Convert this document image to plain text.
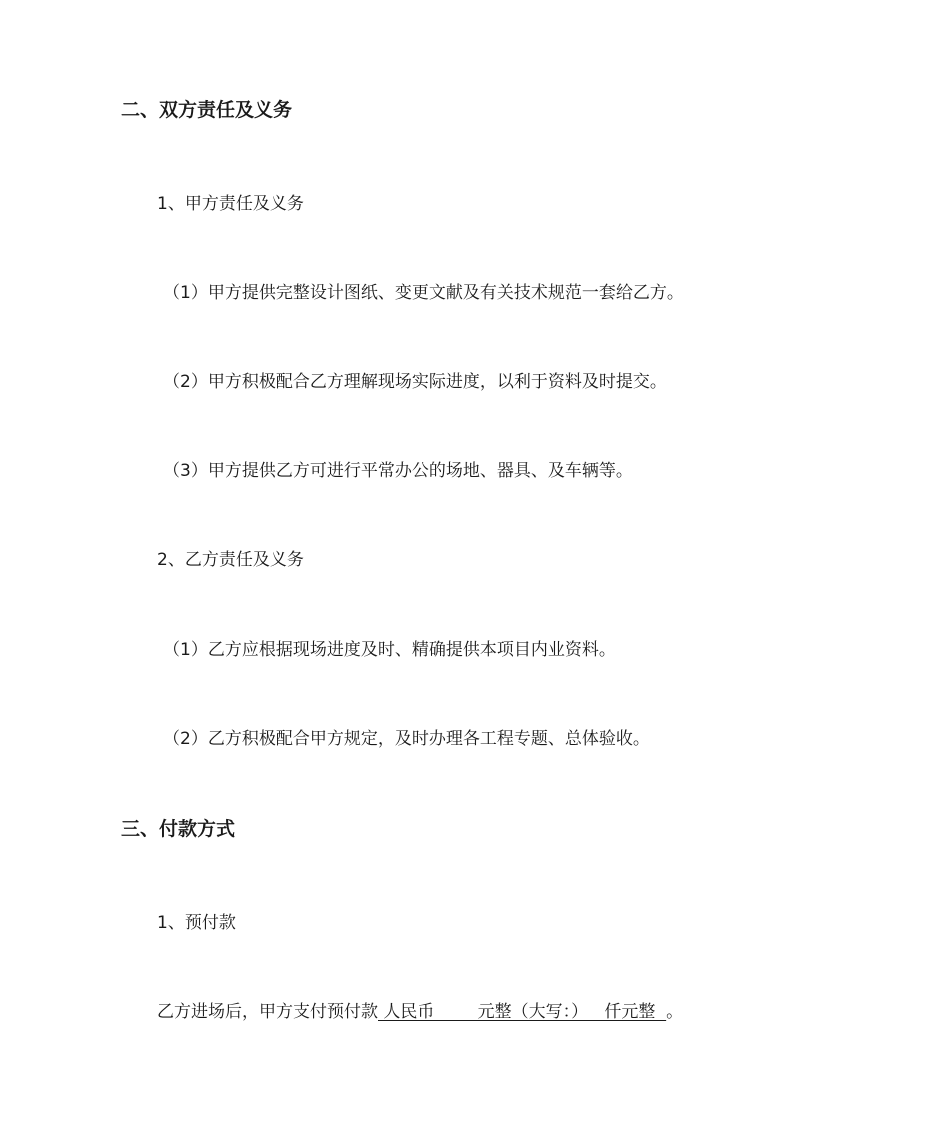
二、双方责任及义务
1、甲方责任及义务
（1）甲方提供完整设计图纸、变更文献及有关技术规范一套给乙方。
（2）甲方积极配合乙方理解现场实际进度，以利于资料及时提交。
（3）甲方提供乙方可进行平常办公的场地、器具、及车辆等。
2、乙方责任及义务
（1）乙方应根据现场进度及时、精确提供本项目内业资料。
（2）乙方积极配合甲方规定，及时办理各工程专题、总体验收。
三、付款方式
1、预付款
乙方进场后，甲方支付预付款 人民币        元整（大写：）   仟元整  。
